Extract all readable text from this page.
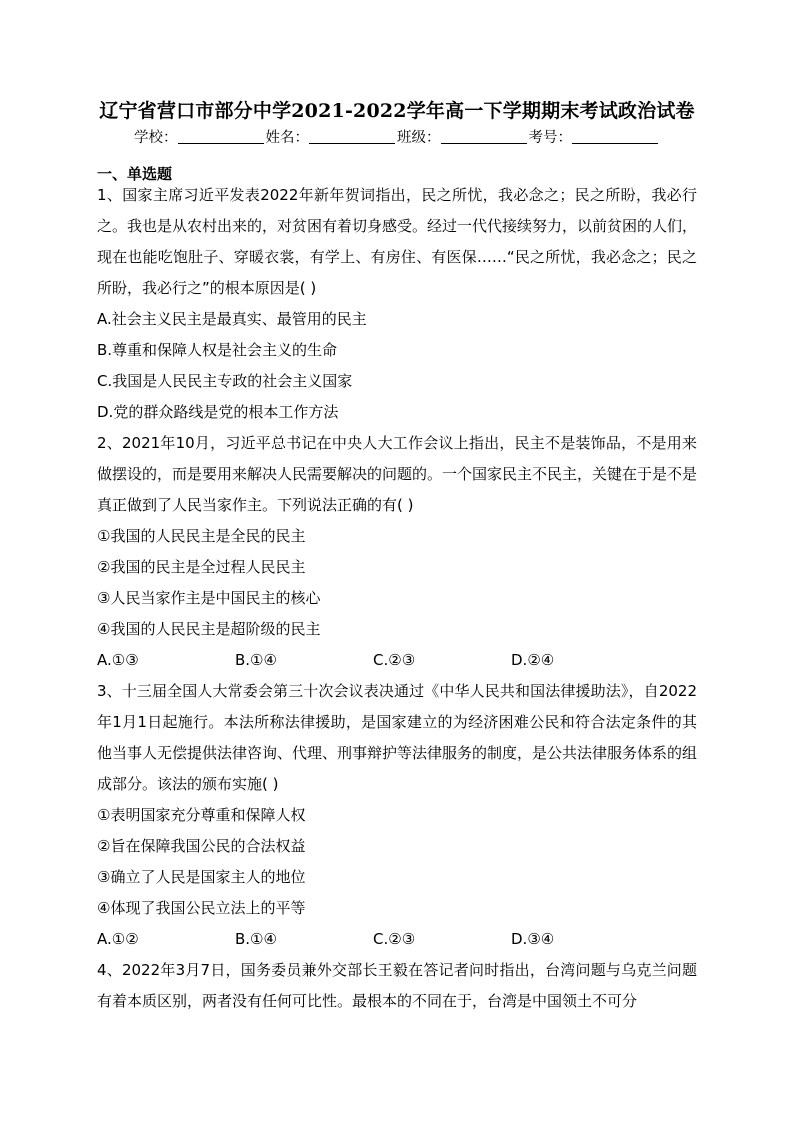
辽宁省营口市部分中学2021-2022学年高一下学期期末考试政治试卷
学校：	姓名：	班级：	考号：
一、单选题
1、国家主席习近平发表2022年新年贺词指出，民之所忧，我必念之；民之所盼，我必行之。我也是从农村出来的，对贫困有着切身感受。经过一代代接续努力，以前贫困的人们，现在也能吃饱肚子、穿暖衣裳，有学上、有房住、有医保……“民之所忧，我必念之；民之所盼，我必行之”的根本原因是( )
A.社会主义民主是最真实、最管用的民主
B.尊重和保障人权是社会主义的生命
C.我国是人民民主专政的社会主义国家
D.党的群众路线是党的根本工作方法
2、2021年10月，习近平总书记在中央人大工作会议上指出，民主不是装饰品，不是用来做摆设的，而是要用来解决人民需要解决的问题的。一个国家民主不民主，关键在于是不是真正做到了人民当家作主。下列说法正确的有( )
①我国的人民民主是全民的民主
②我国的民主是全过程人民民主
③人民当家作主是中国民主的核心
④我国的人民民主是超阶级的民主
A.①③	B.①④	C.②③	D.②④
3、十三届全国人大常委会第三十次会议表决通过《中华人民共和国法律援助法》，自2022年1月1日起施行。本法所称法律援助，是国家建立的为经济困难公民和符合法定条件的其他当事人无偿提供法律咨询、代理、刑事辩护等法律服务的制度，是公共法律服务体系的组成部分。该法的颁布实施( )
①表明国家充分尊重和保障人权
②旨在保障我国公民的合法权益
③确立了人民是国家主人的地位
④体现了我国公民立法上的平等
A.①②	B.①④	C.②③	D.③④
4、2022年3月7日，国务委员兼外交部长王毅在答记者问时指出，台湾问题与乌克兰问题有着本质区别，两者没有任何可比性。最根本的不同在于，台湾是中国领土不可分
